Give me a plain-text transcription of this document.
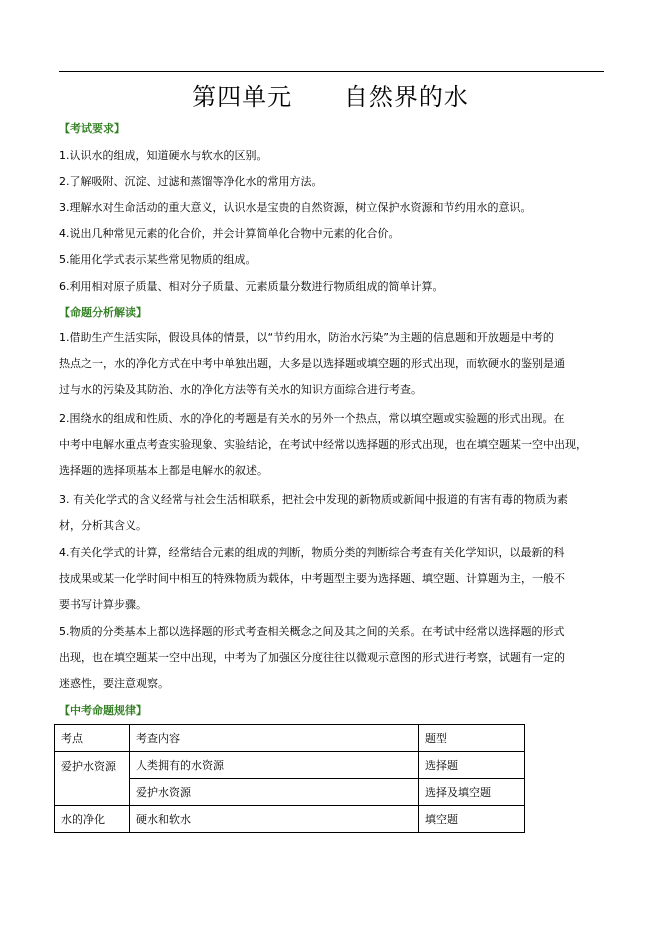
第四单元      自然界的水
【考试要求】
1.认识水的组成，知道硬水与软水的区别。
2.了解吸附、沉淀、过滤和蒸馏等净化水的常用方法。
3.理解水对生命活动的重大意义，认识水是宝贵的自然资源，树立保护水资源和节约用水的意识。
4.说出几种常见元素的化合价，并会计算简单化合物中元素的化合价。
5.能用化学式表示某些常见物质的组成。
6.利用相对原子质量、相对分子质量、元素质量分数进行物质组成的简单计算。
【命题分析解读】
1.借助生产生活实际，假设具体的情景，以“节约用水，防治水污染”为主题的信息题和开放题是中考的
热点之一，水的净化方式在中考中单独出题，大多是以选择题或填空题的形式出现，而软硬水的鉴别是通
过与水的污染及其防治、水的净化方法等有关水的知识方面综合进行考查。
2.围绕水的组成和性质、水的净化的考题是有关水的另外一个热点，常以填空题或实验题的形式出现。在
中考中电解水重点考查实验现象、实验结论，在考试中经常以选择题的形式出现，也在填空题某一空中出现，
选择题的选择项基本上都是电解水的叙述。
3. 有关化学式的含义经常与社会生活相联系，把社会中发现的新物质或新闻中报道的有害有毒的物质为素
材，分析其含义。
4.有关化学式的计算，经常结合元素的组成的判断，物质分类的判断综合考查有关化学知识，以最新的科
技成果或某一化学时间中相互的特殊物质为载体，中考题型主要为选择题、填空题、计算题为主，一般不
要书写计算步骤。
5.物质的分类基本上都以选择题的形式考查相关概念之间及其之间的关系。在考试中经常以选择题的形式
出现，也在填空题某一空中出现，中考为了加强区分度往往以微观示意图的形式进行考察，试题有一定的
迷惑性，要注意观察。
【中考命题规律】
考点	考查内容	题型
爱护水资源	人类拥有的水资源	选择题
	爱护水资源	选择及填空题
水的净化	硬水和软水	填空题
